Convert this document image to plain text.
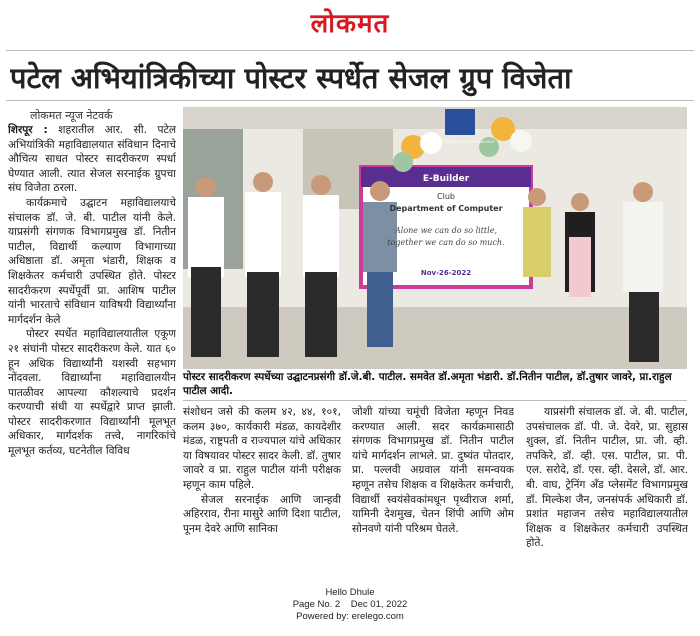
लोकमत
पटेल अभियांत्रिकीच्या पोस्टर स्पर्धेत सेजल ग्रुप विजेता
लोकमत न्यूज नेटवर्क

शिरपूर : शहरातील आर. सी. पटेल अभियांत्रिकी महाविद्यालयात संविधान दिनाचे औचित्य साधत पोस्टर सादरीकरण स्पर्धा घेण्यात आली. त्यात सेजल सरनाईक ग्रुपचा संघ विजेता ठरला.

कार्यक्रमाचे उद्घाटन महाविद्यालयाचे संचालक डॉ. जे. बी. पाटील यांनी केले. याप्रसंगी संगणक विभागप्रमुख डॉ. नितीन पाटील, विद्यार्थी कल्याण विभागाच्या अधिष्ठाता डॉ. अमृता भंडारी, शिक्षक व शिक्षकेतर कर्मचारी उपस्थित होते. पोस्टर सादरीकरण स्पर्धेपूर्वी प्रा. आशिष पाटील यांनी भारताचे संविधान याविषयी विद्यार्थ्यांना मार्गदर्शन केले

पोस्टर स्पर्धेत महाविद्यालयातील एकूण २१ संघांनी पोस्टर सादरीकरण केले. यात ६० हून अधिक विद्यार्थ्यांनी यशस्वी सहभाग नोंदवला. विद्यार्थ्यांना महाविद्यालयीन पातळीवर आपल्या कौशल्याचे प्रदर्शन करण्याची संधी या स्पर्धेद्वारे प्राप्त झाली. पोस्टर सादरीकरणात विद्यार्थ्यांनी मूलभूत अधिकार, मार्गदर्शक तत्त्वे, नागरिकांचे मूलभूत कर्तव्य, घटनेतील विविध

E-Builder
Club
Department of Computer
Alone we can do so little,
together we can do so much.
Nov-26-2022
R. C. PATEL INSTITUTE OF TECHNOLOGY
पोस्टर सादरीकरण स्पर्धेच्या उद्घाटनप्रसंगी डॉ.जे.बी. पाटील. समवेत डॉ.अमृता भंडारी. डॉ.नितीन पाटील, डॉ.तुषार जावरे, प्रा.राहुल पाटील आदी.

संशोधन जसे की कलम ४२, ४४, १०१, कलम ३७०, कार्यकारी मंडळ, कायदेशीर मंडळ, राष्ट्रपती व राज्यपाल यांचे अधिकार या विषयावर पोस्टर सादर केली. डॉ. तुषार जावरे व प्रा. राहुल पाटील यांनी परीक्षक म्हणून काम पहिले.

सेजल सरनाईक आणि जान्हवी अहिरराव, रीना मासुरे आणि दिशा पाटील, पूनम देवरे आणि सानिका

जोशी यांच्या चमूंची विजेता म्हणून निवड करण्यात आली. सदर कार्यक्रमासाठी संगणक विभागप्रमुख डॉ. नितीन पाटील यांचे मार्गदर्शन लाभले. प्रा. दुष्यंत पोतदार, प्रा. पल्लवी अग्रवाल यांनी समन्वयक म्हणून तसेच शिक्षक व शिक्षकेतर कर्मचारी, विद्यार्थी स्वयंसेवकांमधून पृथ्वीराज शर्मा, यामिनी देशमुख, चेतन शिंपी आणि ओम सोनवणे यांनी परिश्रम घेतले.

याप्रसंगी संचालक डॉ. जे. बी. पाटील, उपसंचालक डॉ. पी. जे. देवरे, प्रा. सुहास शुक्ल, डॉ. नितीन पाटील, प्रा. जी. व्ही. तपकिरे, डॉ. व्ही. एस. पाटील, प्रा. पी. एल. सरोदे, डॉ. एस. व्ही. देसले, डॉ. आर. बी. वाघ, ट्रेनिंग अँड प्लेसमेंट विभागप्रमुख डॉ. मिल्केश जैन, जनसंपर्क अधिकारी डॉ. प्रशांत महाजन तसेच महाविद्यालयातील शिक्षक व शिक्षकेतर कर्मचारी उपस्थित होते.

Hello Dhule
Page No. 2    Dec 01, 2022
Powered by: erelego.com
